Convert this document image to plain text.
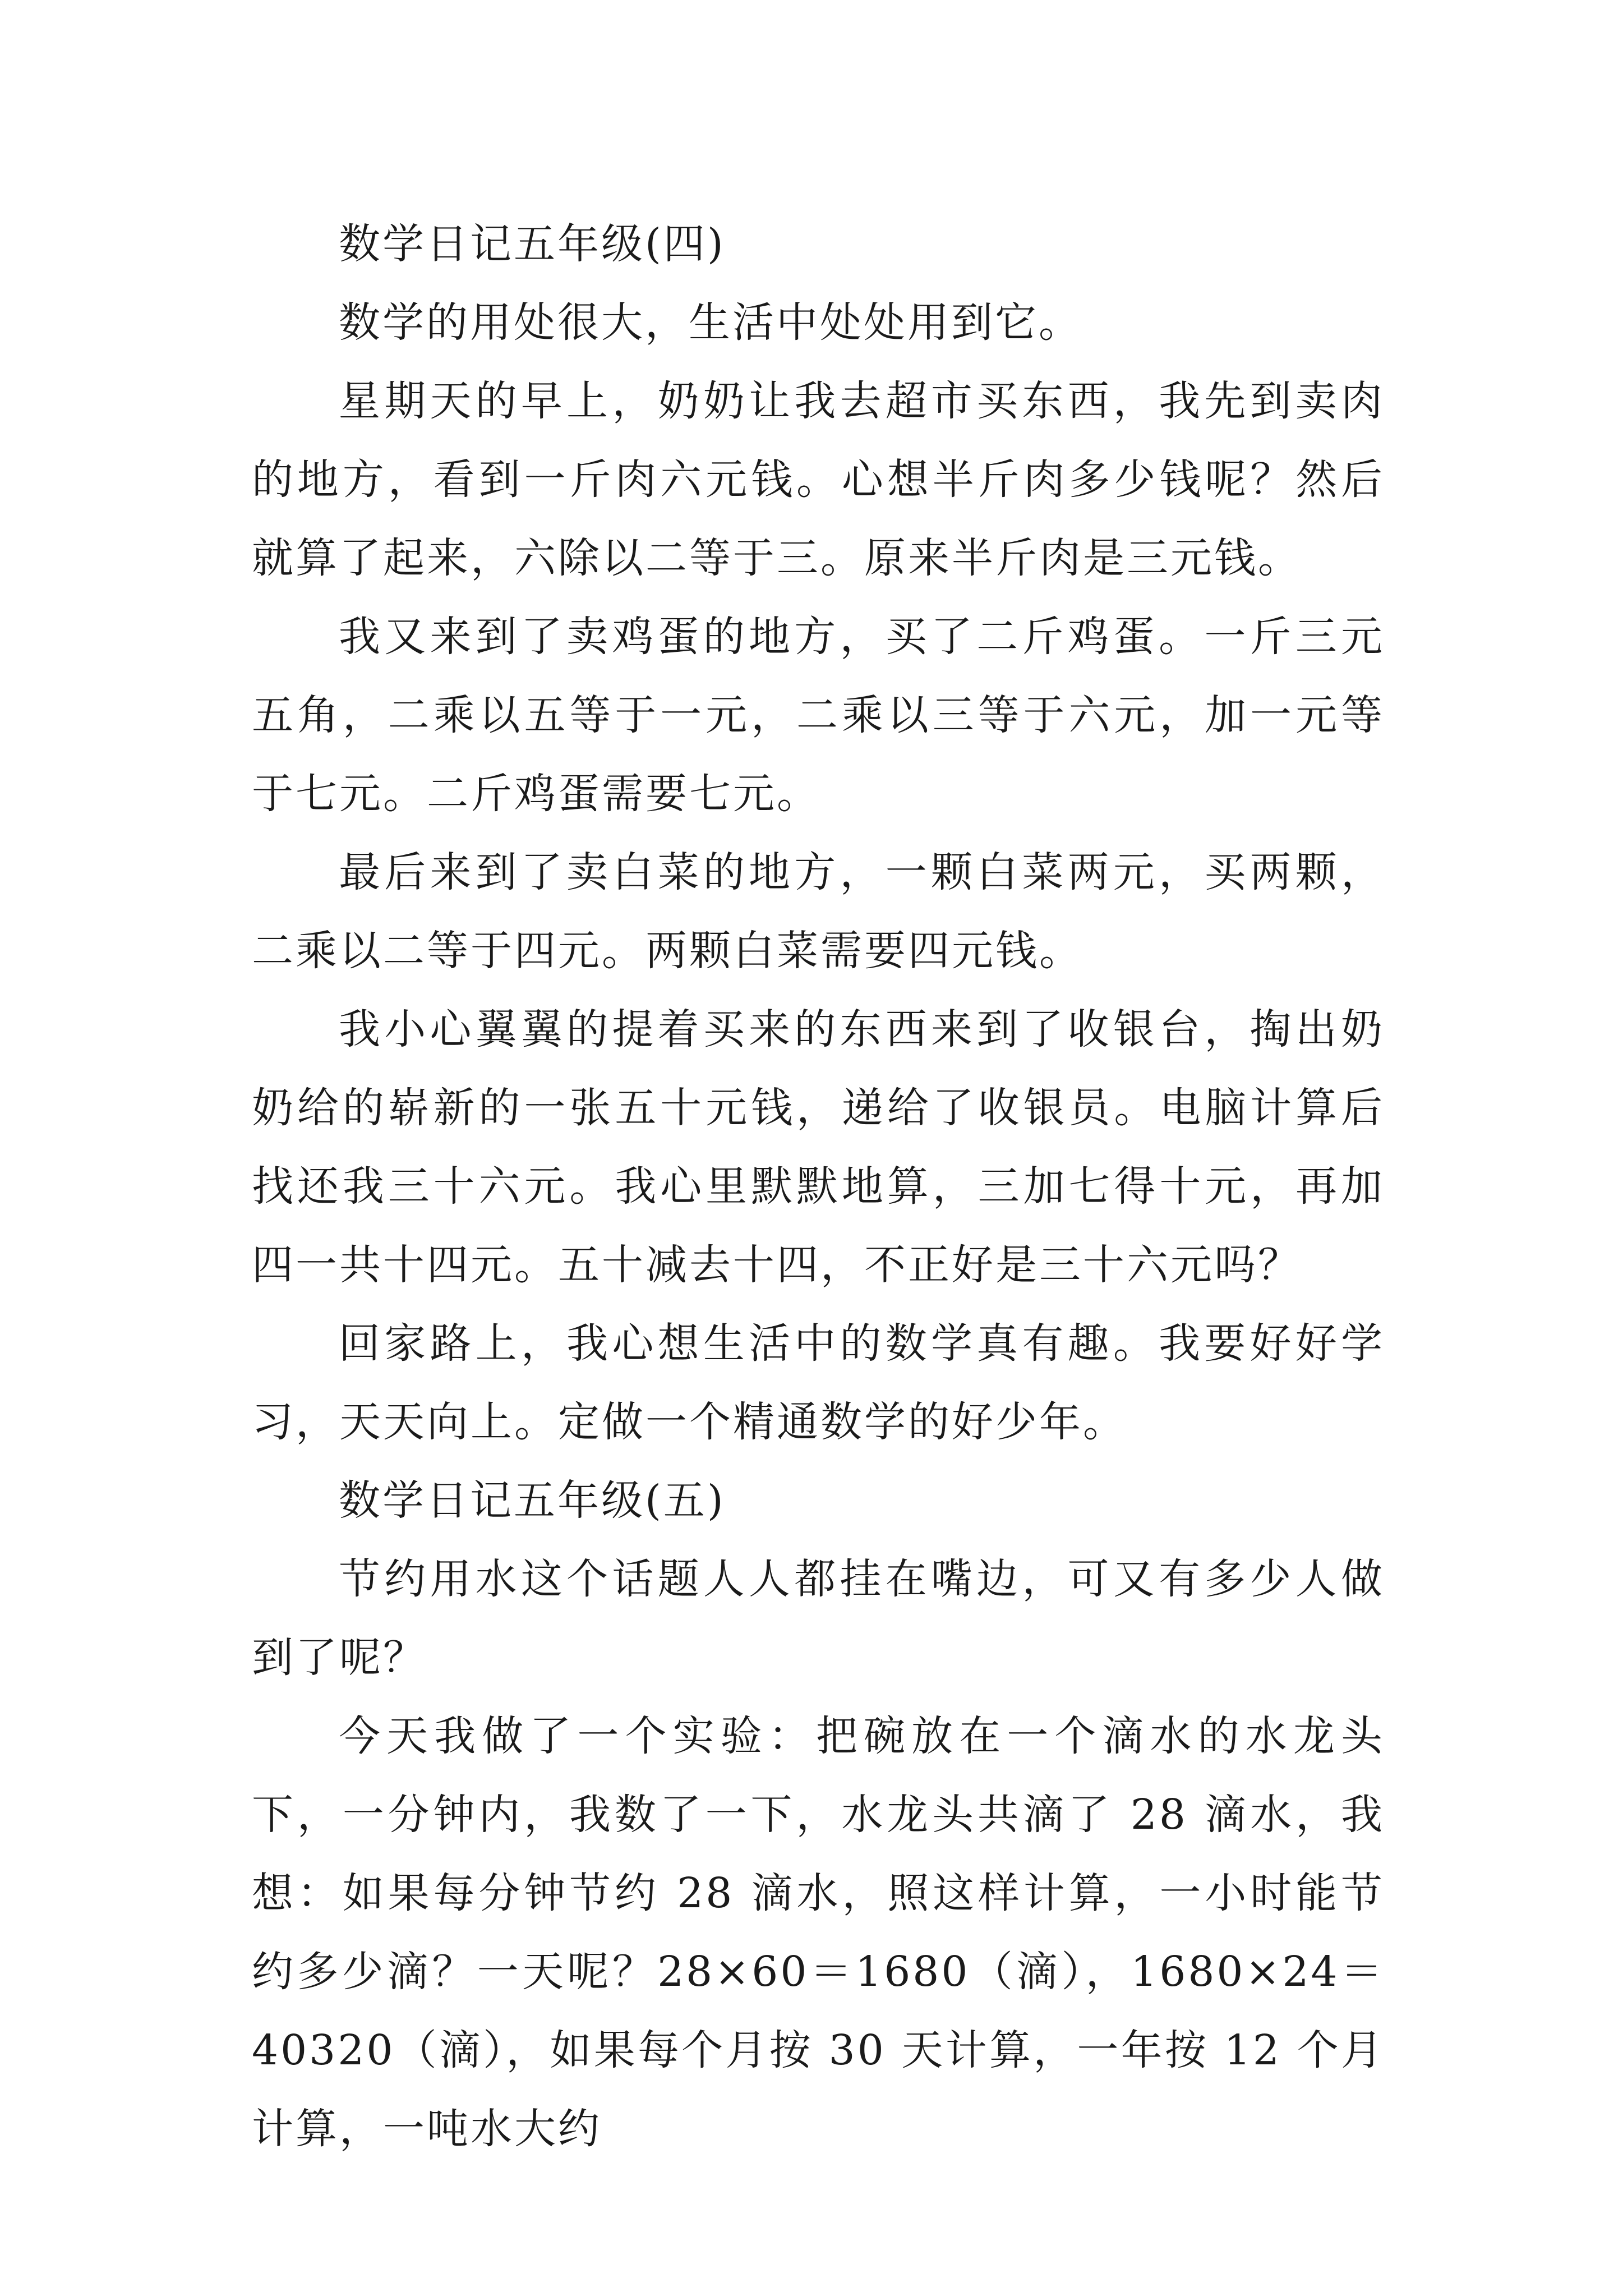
数学日记五年级(四)

数学的用处很大，生活中处处用到它。

星期天的早上，奶奶让我去超市买东西，我先到卖肉的地方，看到一斤肉六元钱。心想半斤肉多少钱呢？然后就算了起来，六除以二等于三。原来半斤肉是三元钱。

我又来到了卖鸡蛋的地方，买了二斤鸡蛋。一斤三元五角，二乘以五等于一元，二乘以三等于六元，加一元等于七元。二斤鸡蛋需要七元。

最后来到了卖白菜的地方，一颗白菜两元，买两颗，二乘以二等于四元。两颗白菜需要四元钱。

我小心翼翼的提着买来的东西来到了收银台，掏出奶奶给的崭新的一张五十元钱，递给了收银员。电脑计算后找还我三十六元。我心里默默地算，三加七得十元，再加四一共十四元。五十减去十四，不正好是三十六元吗？

回家路上，我心想生活中的数学真有趣。我要好好学习，天天向上。定做一个精通数学的好少年。

数学日记五年级(五)

节约用水这个话题人人都挂在嘴边，可又有多少人做到了呢？

今天我做了一个实验：把碗放在一个滴水的水龙头下，一分钟内，我数了一下，水龙头共滴了 28 滴水，我想：如果每分钟节约 28 滴水，照这样计算，一小时能节约多少滴？一天呢？28×60＝1680（滴），1680×24＝40320（滴），如果每个月按 30 天计算，一年按 12 个月计算，一吨水大约
